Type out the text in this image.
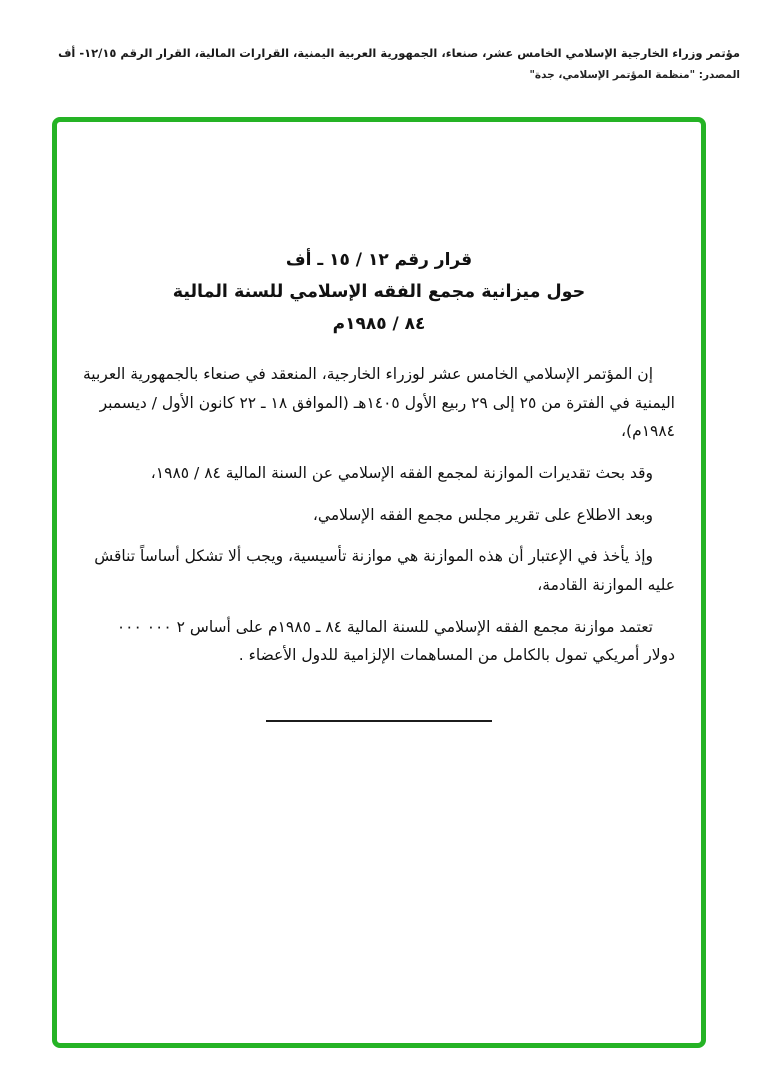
مؤتمر وزراء الخارجية الإسلامي الخامس عشر، صنعاء، الجمهورية العربية اليمنية، القرارات المالية، القرار الرقم ١٢/١٥- أف
المصدر: "منظمة المؤتمر الإسلامي، جدة"
قرار رقم ١٢ / ١٥ ـ أف
حول ميزانية مجمع الفقه الإسلامي للسنة المالية
٨٤ / ١٩٨٥م

إن المؤتمر الإسلامي الخامس عشر لوزراء الخارجية، المنعقد في صنعاء بالجمهورية العربية اليمنية في الفترة من ٢٥ إلى ٢٩ ربيع الأول ١٤٠٥هـ (الموافق ١٨ ـ ٢٢ كانون الأول / ديسمبر ١٩٨٤م)،

وقد بحث تقديرات الموازنة لمجمع الفقه الإسلامي عن السنة المالية ٨٤ / ١٩٨٥،

وبعد الاطلاع على تقرير مجلس مجمع الفقه الإسلامي،

وإذ يأخذ في الإعتبار أن هذه الموازنة هي موازنة تأسيسية، ويجب ألا تشكل أساساً تناقش عليه الموازنة القادمة،

تعتمد موازنة مجمع الفقه الإسلامي للسنة المالية ٨٤ ـ ١٩٨٥م على أساس ٢ ٠٠٠ ٠٠٠ دولار أمريكي تمول بالكامل من المساهمات الإلزامية للدول الأعضاء .
